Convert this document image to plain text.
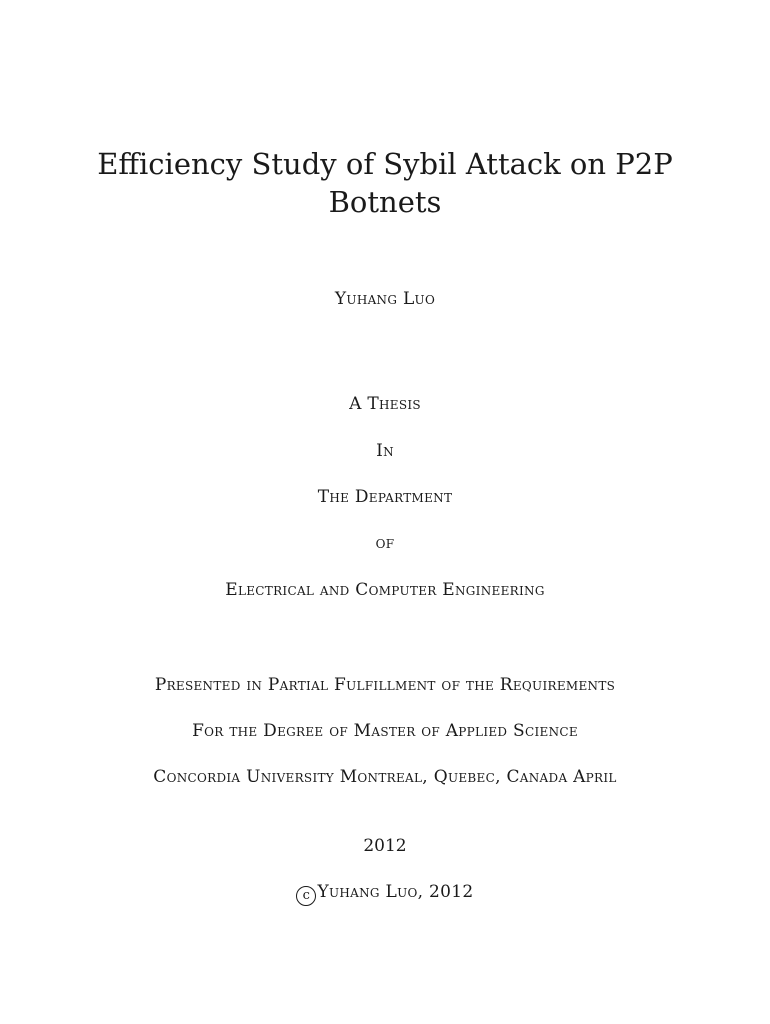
Efficiency Study of Sybil Attack on P2P
Botnets
Yuhang Luo
A Thesis
In
The Department
of
Electrical and Computer Engineering
Presented in Partial Fulfillment of the Requirements
For the Degree of Master of Applied Science
Concordia University Montreal, Quebec, Canada April
2012
c Yuhang Luo, 2012
